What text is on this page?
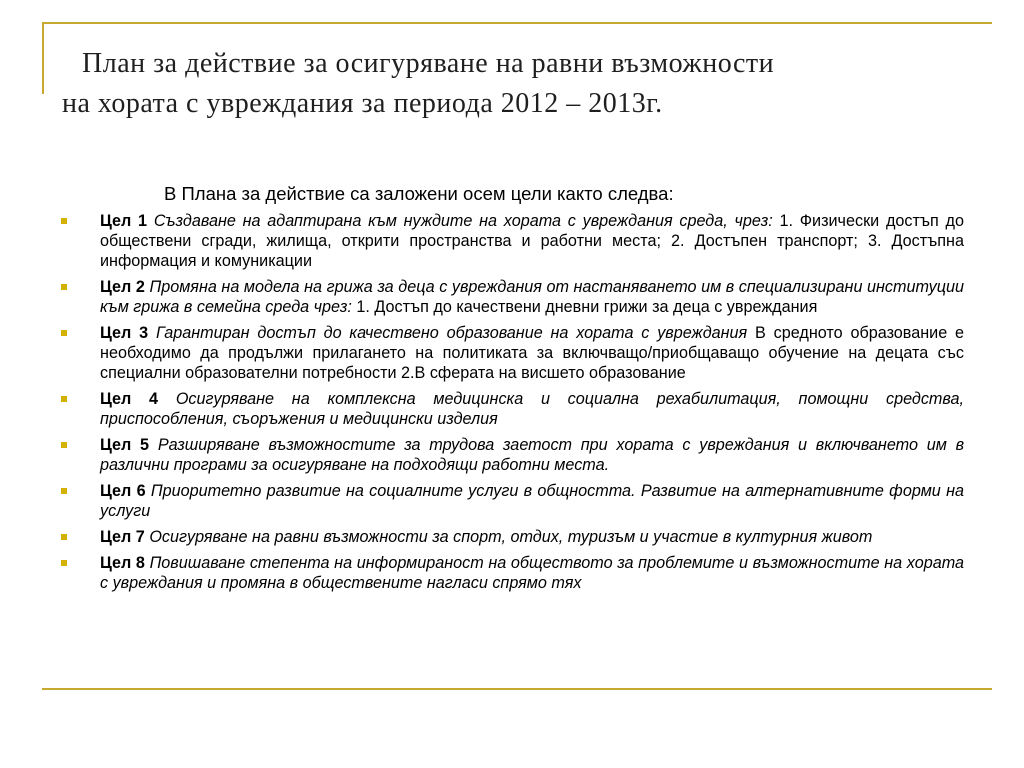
План за действие за осигуряване на равни възможности
на хората с увреждания за периода 2012 – 2013г.
В Плана за действие са заложени осем цели както следва:
Цел 1 Създаване на адаптирана към нуждите на хората с увреждания среда, чрез: 1. Физически достъп до обществени сгради, жилища, открити пространства и работни места; 2. Достъпен транспорт; 3. Достъпна информация и комуникации
Цел 2 Промяна на модела на грижа за деца с увреждания от настаняването им в специализирани институции към грижа в семейна среда чрез: 1. Достъп до качествени дневни грижи за деца с увреждания
Цел 3 Гарантиран достъп до качествено образование на хората с увреждания В средното образование е необходимо да продължи прилагането на политиката за включващо/приобщаващо обучение на децата със специални образователни потребности 2.В сферата на висшето образование
Цел 4 Осигуряване на комплексна медицинска и социална рехабилитация, помощни средства, приспособления, съоръжения и медицински изделия
Цел 5 Разширяване възможностите за трудова заетост при хората с увреждания и включването им в различни програми за осигуряване на подходящи работни места.
Цел 6 Приоритетно развитие на социалните услуги в общността. Развитие на алтернативните форми на услуги
Цел 7 Осигуряване на равни възможности за спорт, отдих, туризъм и участие в културния живот
Цел 8 Повишаване степента на информираност на обществото за проблемите и възможностите на хората с увреждания и промяна в обществените нагласи спрямо тях
